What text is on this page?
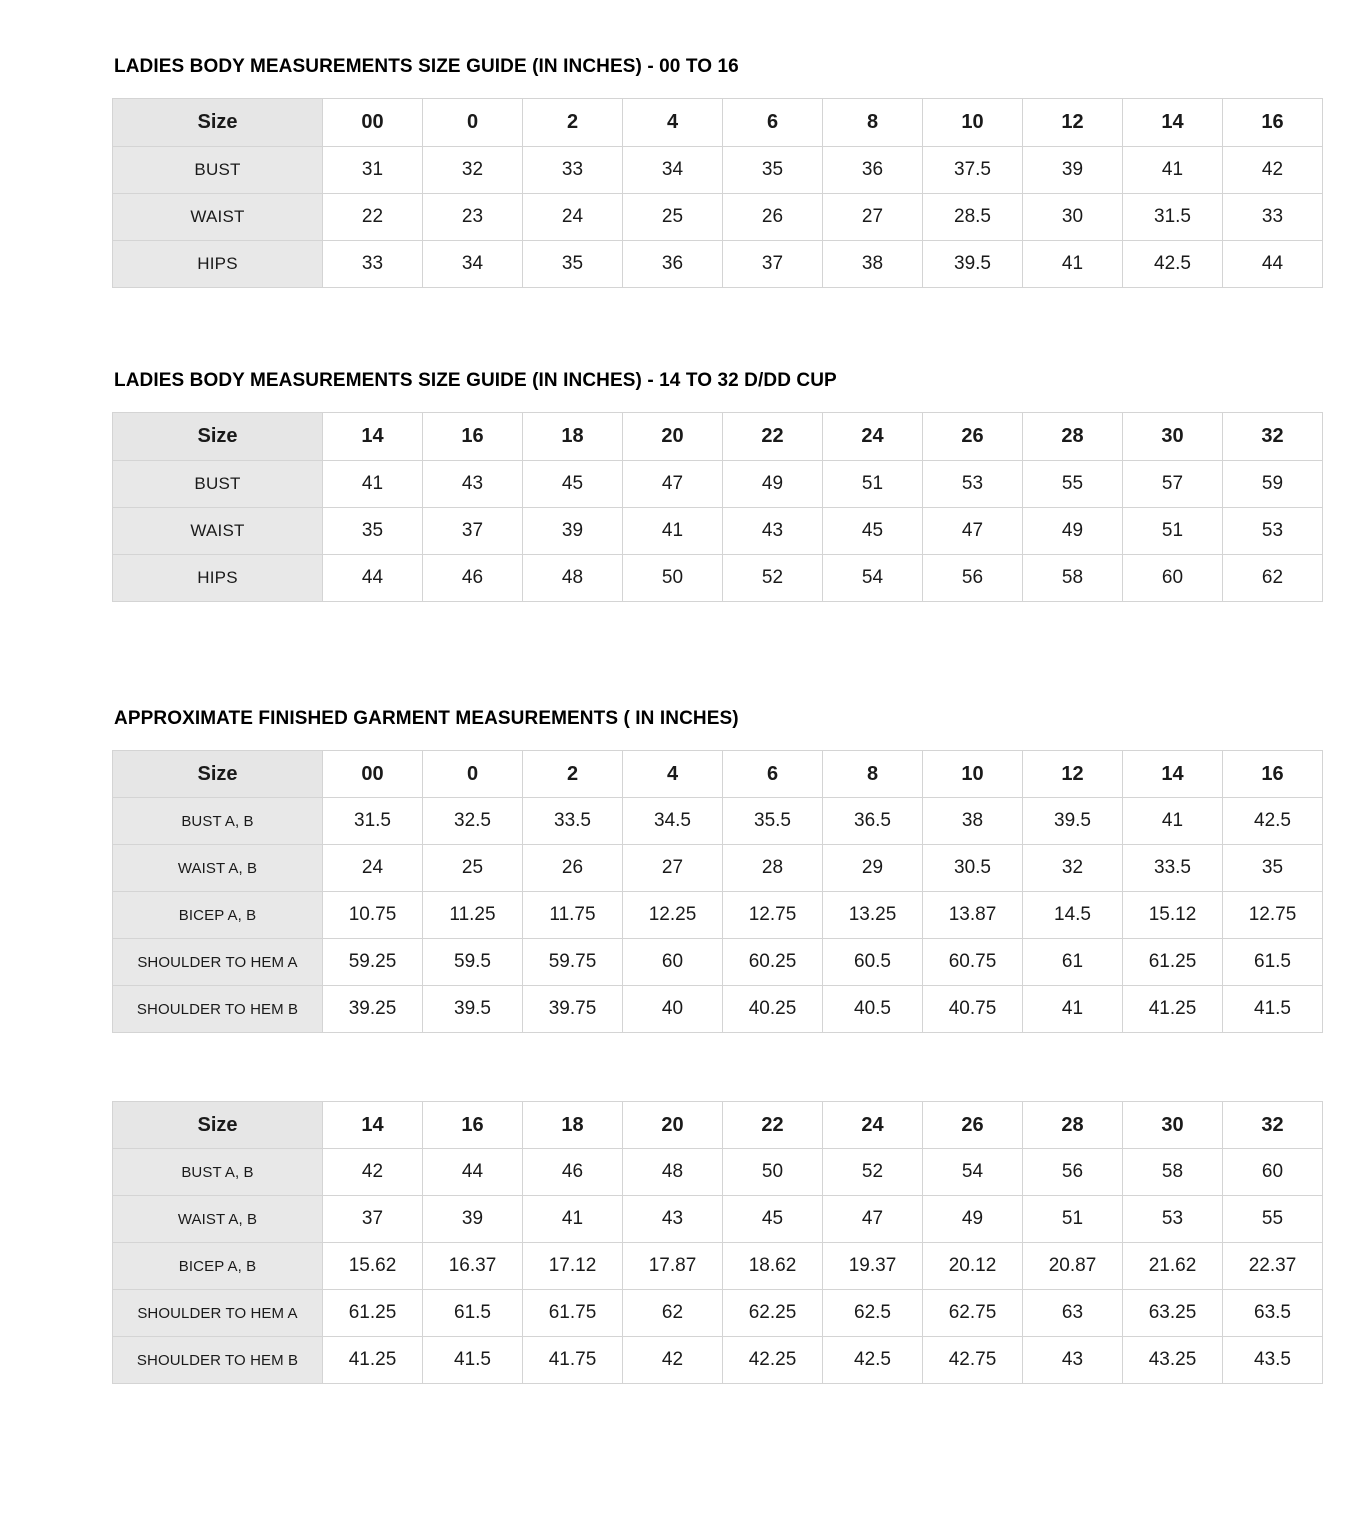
LADIES BODY MEASUREMENTS SIZE GUIDE (IN INCHES) - 00 TO 16
Size	00	0	2	4	6	8	10	12	14	16
BUST	31	32	33	34	35	36	37.5	39	41	42
WAIST	22	23	24	25	26	27	28.5	30	31.5	33
HIPS	33	34	35	36	37	38	39.5	41	42.5	44
LADIES BODY MEASUREMENTS SIZE GUIDE (IN INCHES) - 14 TO 32 D/DD CUP
Size	14	16	18	20	22	24	26	28	30	32
BUST	41	43	45	47	49	51	53	55	57	59
WAIST	35	37	39	41	43	45	47	49	51	53
HIPS	44	46	48	50	52	54	56	58	60	62
APPROXIMATE FINISHED GARMENT MEASUREMENTS ( IN INCHES)
Size	00	0	2	4	6	8	10	12	14	16
BUST A, B	31.5	32.5	33.5	34.5	35.5	36.5	38	39.5	41	42.5
WAIST A, B	24	25	26	27	28	29	30.5	32	33.5	35
BICEP A, B	10.75	11.25	11.75	12.25	12.75	13.25	13.87	14.5	15.12	12.75
SHOULDER TO HEM A	59.25	59.5	59.75	60	60.25	60.5	60.75	61	61.25	61.5
SHOULDER TO HEM B	39.25	39.5	39.75	40	40.25	40.5	40.75	41	41.25	41.5
Size	14	16	18	20	22	24	26	28	30	32
BUST A, B	42	44	46	48	50	52	54	56	58	60
WAIST A, B	37	39	41	43	45	47	49	51	53	55
BICEP A, B	15.62	16.37	17.12	17.87	18.62	19.37	20.12	20.87	21.62	22.37
SHOULDER TO HEM A	61.25	61.5	61.75	62	62.25	62.5	62.75	63	63.25	63.5
SHOULDER TO HEM B	41.25	41.5	41.75	42	42.25	42.5	42.75	43	43.25	43.5
